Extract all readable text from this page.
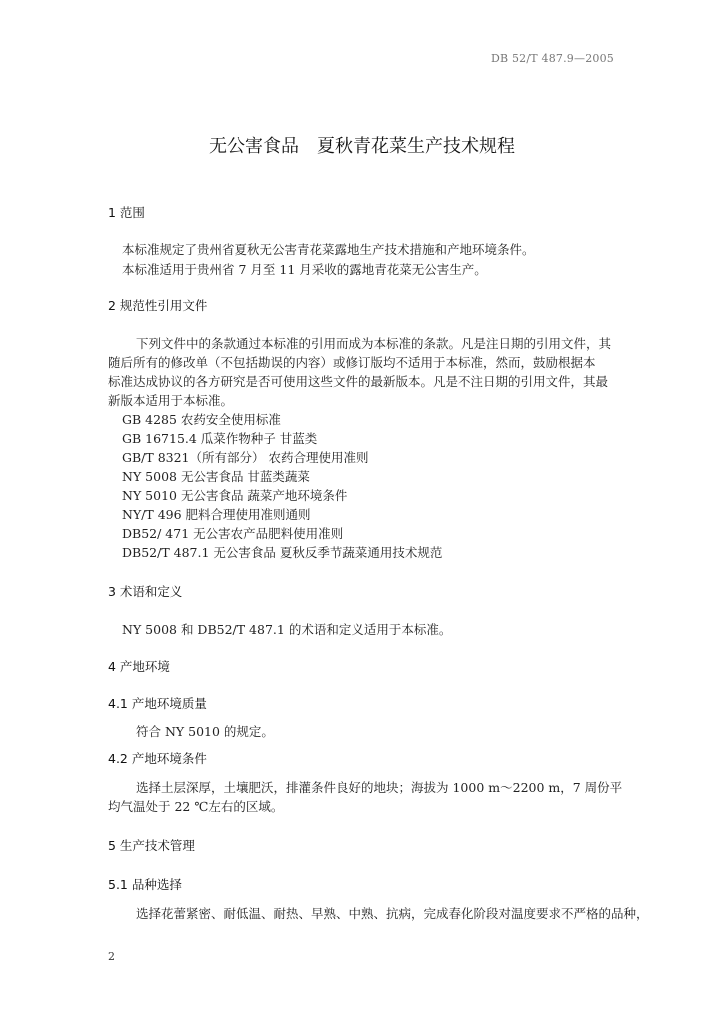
DB 52/T 487.9—2005
无公害食品 夏秋青花菜生产技术规程
1 范围
本标准规定了贵州省夏秋无公害青花菜露地生产技术措施和产地环境条件。
本标准适用于贵州省 7 月至 11 月采收的露地青花菜无公害生产。
2 规范性引用文件
下列文件中的条款通过本标准的引用而成为本标准的条款。凡是注日期的引用文件，其
随后所有的修改单（不包括勘误的内容）或修订版均不适用于本标准，然而，鼓励根据本
标准达成协议的各方研究是否可使用这些文件的最新版本。凡是不注日期的引用文件，其最
新版本适用于本标准。
GB 4285 农药安全使用标准
GB 16715.4 瓜菜作物种子 甘蓝类
GB/T 8321（所有部分） 农药合理使用准则
NY 5008 无公害食品 甘蓝类蔬菜
NY 5010 无公害食品 蔬菜产地环境条件
NY/T 496 肥料合理使用准则通则
DB52/ 471 无公害农产品肥料使用准则
DB52/T 487.1 无公害食品 夏秋反季节蔬菜通用技术规范
3 术语和定义
NY 5008 和 DB52/T 487.1 的术语和定义适用于本标准。
4 产地环境
4.1 产地环境质量
符合 NY 5010 的规定。
4.2 产地环境条件
选择土层深厚，土壤肥沃，排灌条件良好的地块；海拔为 1000 m～2200 m，7 周份平
均气温处于 22 ℃左右的区域。
5 生产技术管理
5.1 品种选择
选择花蕾紧密、耐低温、耐热、早熟、中熟、抗病，完成春化阶段对温度要求不严格的品种，
2
